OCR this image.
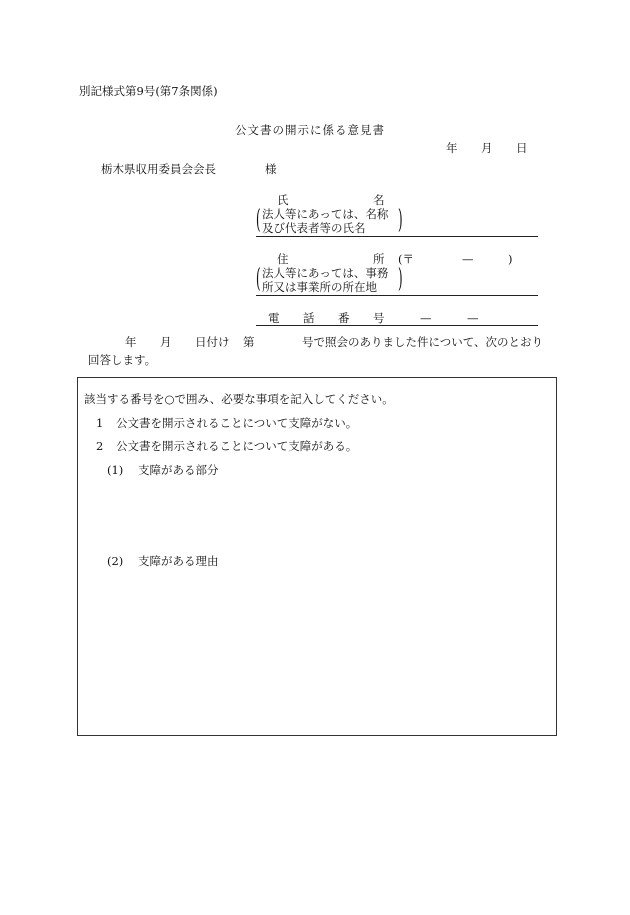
別記様式第9号(第7条関係)
公文書の開示に係る意見書
年 月 日
栃木県収用委員会会長	様
氏	名
( 法人等にあっては、名称
及び代表者等の氏名 )
住	所 (〒	—	)
( 法人等にあっては、事務
所又は事業所の所在地 )
電 話 番 号	—	—
年 月 日付け 第	号で照会のありました件について、次のとおり
回答します。
該当する番号を○で囲み、必要な事項を記入してください。
1 公文書を開示されることについて支障がない。
2 公文書を開示されることについて支障がある。
(1) 支障がある部分
(2) 支障がある理由
